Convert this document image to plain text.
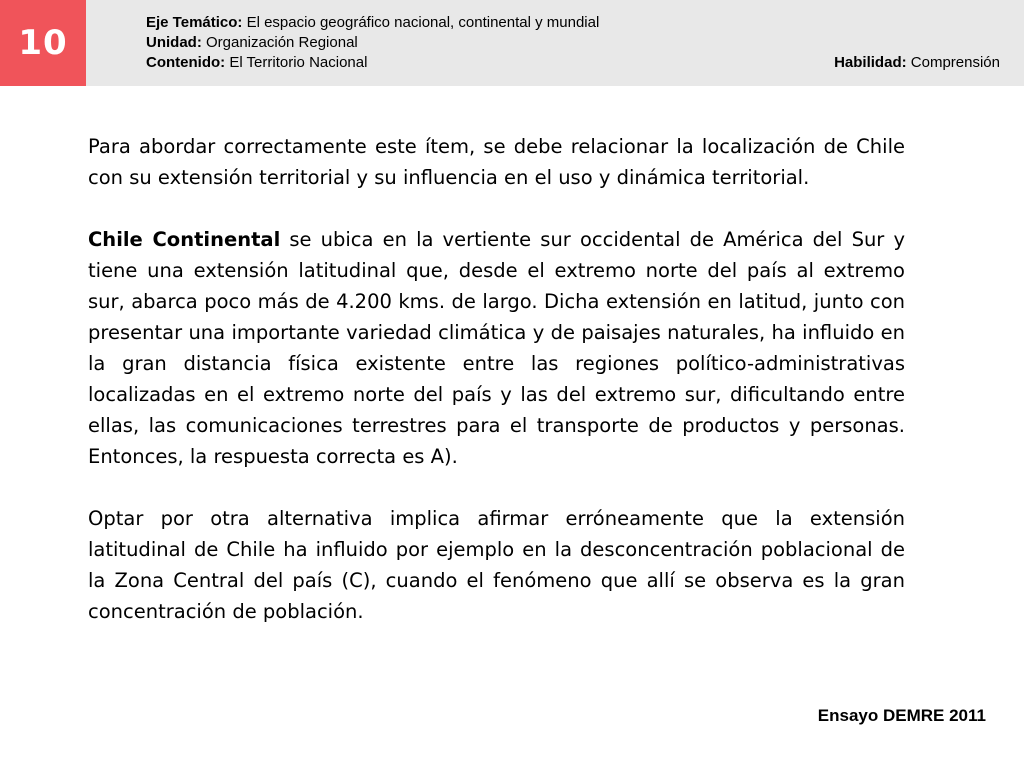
10
Eje Temático: El espacio geográfico nacional, continental y mundial
Unidad: Organización Regional
Contenido: El Territorio Nacional	Habilidad: Comprensión

Para abordar correctamente este ítem, se debe relacionar la localización de Chile con su extensión territorial y su influencia en el uso y dinámica territorial.

Chile Continental se ubica en la vertiente sur occidental de América del Sur y tiene una extensión latitudinal que, desde el extremo norte del país al extremo sur, abarca poco más de 4.200 kms. de largo. Dicha extensión en latitud, junto con presentar una importante variedad climática y de paisajes naturales, ha influido en la gran distancia física existente entre las regiones político-administrativas localizadas en el extremo norte del país y las del extremo sur, dificultando entre ellas, las comunicaciones terrestres para el transporte de productos y personas. Entonces, la respuesta correcta es A).

Optar por otra alternativa implica afirmar erróneamente que la extensión latitudinal de Chile ha influido por ejemplo en la desconcentración poblacional de la Zona Central del país (C), cuando el fenómeno que allí se observa es la gran concentración de población.

Ensayo DEMRE 2011
